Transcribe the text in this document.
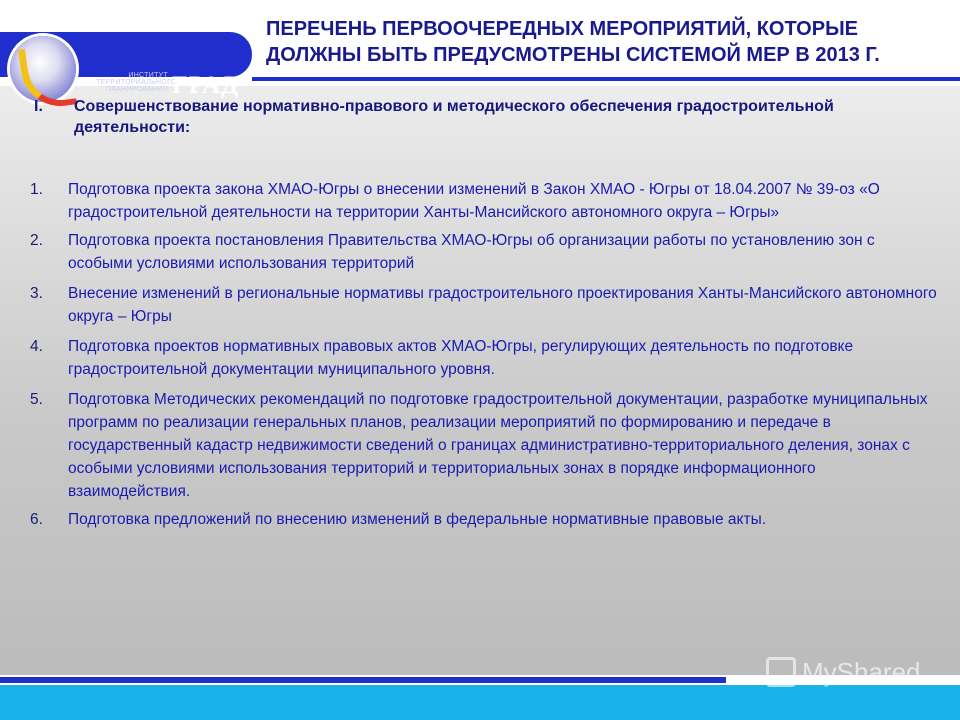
ИНСТИТУТ
ТЕРРИТОРИАЛЬНОГО
ПЛАНИРОВАНИЯ ГРАД
ПЕРЕЧЕНЬ ПЕРВООЧЕРЕДНЫХ МЕРОПРИЯТИЙ, КОТОРЫЕ ДОЛЖНЫ БЫТЬ ПРЕДУСМОТРЕНЫ СИСТЕМОЙ МЕР В 2013 Г.
I. Совершенствование нормативно-правового и методического обеспечения градостроительной деятельности:

1. Подготовка проекта закона ХМАО-Югры о внесении изменений в Закон ХМАО - Югры от 18.04.2007 № 39-оз «О градостроительной деятельности на территории Ханты-Мансийского автономного округа – Югры»
2. Подготовка проекта постановления Правительства ХМАО-Югры об организации работы по установлению зон с особыми условиями использования территорий
3. Внесение изменений в региональные нормативы градостроительного проектирования Ханты-Мансийского автономного округа – Югры
4. Подготовка проектов нормативных правовых актов ХМАО-Югры, регулирующих деятельность по подготовке градостроительной документации муниципального уровня.
5. Подготовка Методических рекомендаций по подготовке градостроительной документации, разработке муниципальных программ по реализации генеральных планов, реализации мероприятий по формированию и передаче в государственный кадастр недвижимости сведений о границах административно-территориального деления, зонах с особыми условиями использования территорий и территориальных зонах в порядке информационного взаимодействия.
6. Подготовка предложений по внесению изменений в федеральные нормативные правовые акты.
MyShared
